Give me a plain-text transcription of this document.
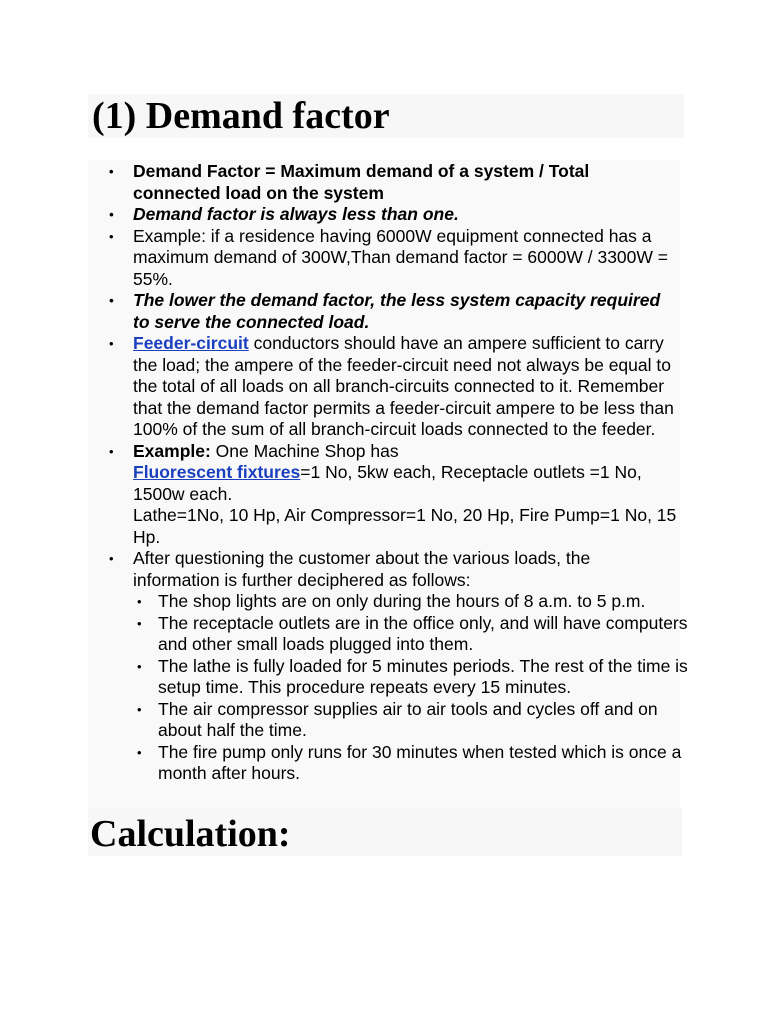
(1) Demand factor
• Demand Factor = Maximum demand of a system / Total connected load on the system
• Demand factor is always less than one.
• Example: if a residence having 6000W equipment connected has a maximum demand of 300W,Than demand factor = 6000W / 3300W = 55%.
• The lower the demand factor, the less system capacity required to serve the connected load.
• Feeder-circuit conductors should have an ampere sufficient to carry the load; the ampere of the feeder-circuit need not always be equal to the total of all loads on all branch-circuits connected to it. Remember that the demand factor permits a feeder-circuit ampere to be less than 100% of the sum of all branch-circuit loads connected to the feeder.
• Example: One Machine Shop has
Fluorescent fixtures=1 No, 5kw each, Receptacle outlets =1 No, 1500w each.
Lathe=1No, 10 Hp, Air Compressor=1 No, 20 Hp, Fire Pump=1 No, 15 Hp.
• After questioning the customer about the various loads, the information is further deciphered as follows:
• The shop lights are on only during the hours of 8 a.m. to 5 p.m.
• The receptacle outlets are in the office only, and will have computers and other small loads plugged into them.
• The lathe is fully loaded for 5 minutes periods. The rest of the time is setup time. This procedure repeats every 15 minutes.
• The air compressor supplies air to air tools and cycles off and on about half the time.
• The fire pump only runs for 30 minutes when tested which is once a month after hours.
Calculation:
